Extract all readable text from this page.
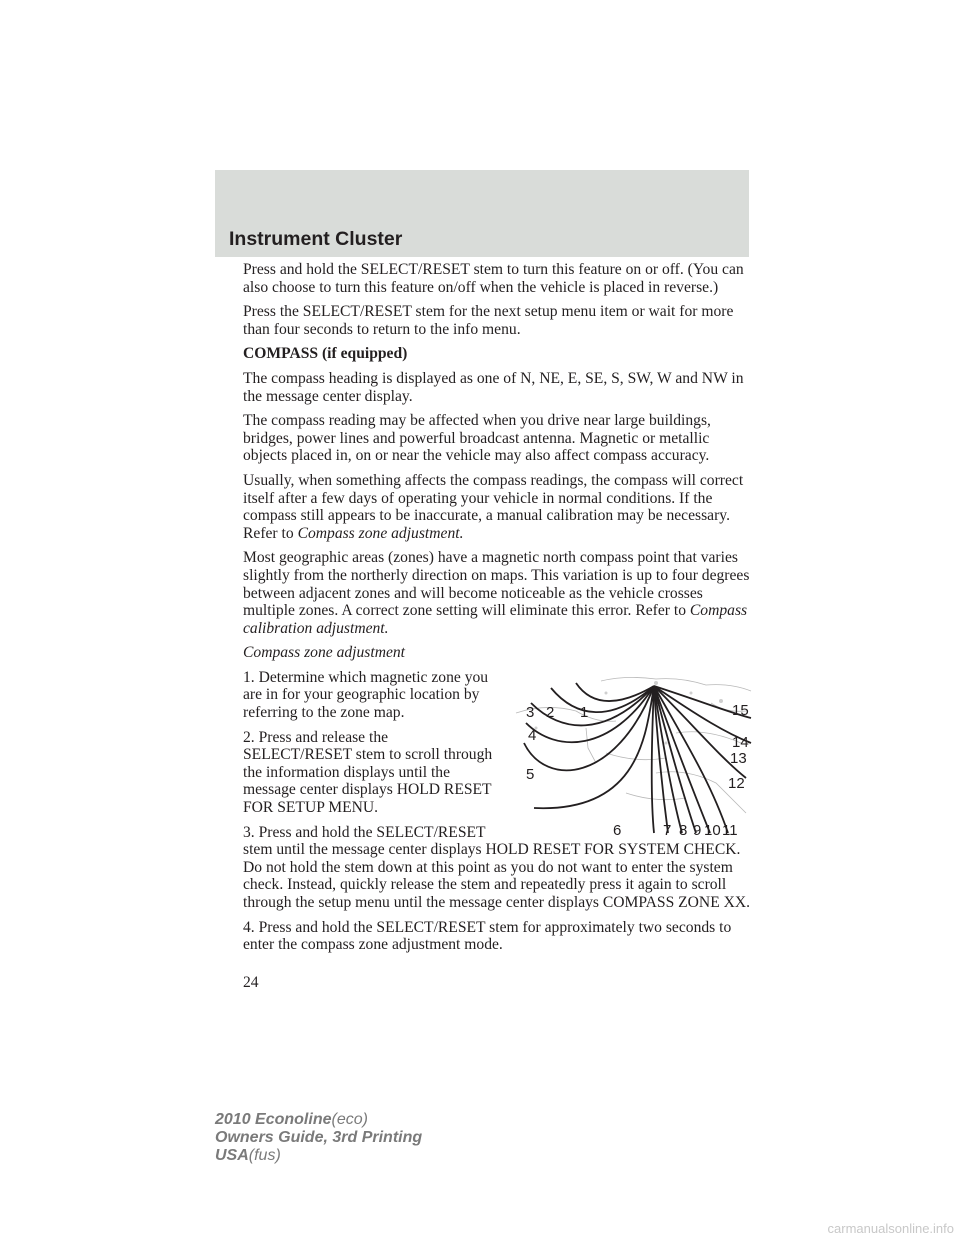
Instrument Cluster

Press and hold the SELECT/RESET stem to turn this feature on or off. (You can also choose to turn this feature on/off when the vehicle is placed in reverse.)

Press the SELECT/RESET stem for the next setup menu item or wait for more than four seconds to return to the info menu.

COMPASS (if equipped)

The compass heading is displayed as one of N, NE, E, SE, S, SW, W and NW in the message center display.

The compass reading may be affected when you drive near large buildings, bridges, power lines and powerful broadcast antenna. Magnetic or metallic objects placed in, on or near the vehicle may also affect compass accuracy.

Usually, when something affects the compass readings, the compass will correct itself after a few days of operating your vehicle in normal conditions. If the compass still appears to be inaccurate, a manual calibration may be necessary. Refer to Compass zone adjustment.

Most geographic areas (zones) have a magnetic north compass point that varies slightly from the northerly direction on maps. This variation is up to four degrees between adjacent zones and will become noticeable as the vehicle crosses multiple zones. A correct zone setting will eliminate this error. Refer to Compass calibration adjustment.

Compass zone adjustment

1
2
3
4
5
6	7 8 9 10 11
12
13
14
15

1. Determine which magnetic zone you are in for your geographic location by referring to the zone map.

2. Press and release the SELECT/RESET stem to scroll through the information displays until the message center displays HOLD RESET FOR SETUP MENU.

3. Press and hold the SELECT/RESET stem until the message center displays HOLD RESET FOR SYSTEM CHECK. Do not hold the stem down at this point as you do not want to enter the system check. Instead, quickly release the stem and repeatedly press it again to scroll through the setup menu until the message center displays COMPASS ZONE XX.

4. Press and hold the SELECT/RESET stem for approximately two seconds to enter the compass zone adjustment mode.

24
2010 Econoline(eco)
Owners Guide, 3rd Printing
USA(fus)
carmanualsonline.info
